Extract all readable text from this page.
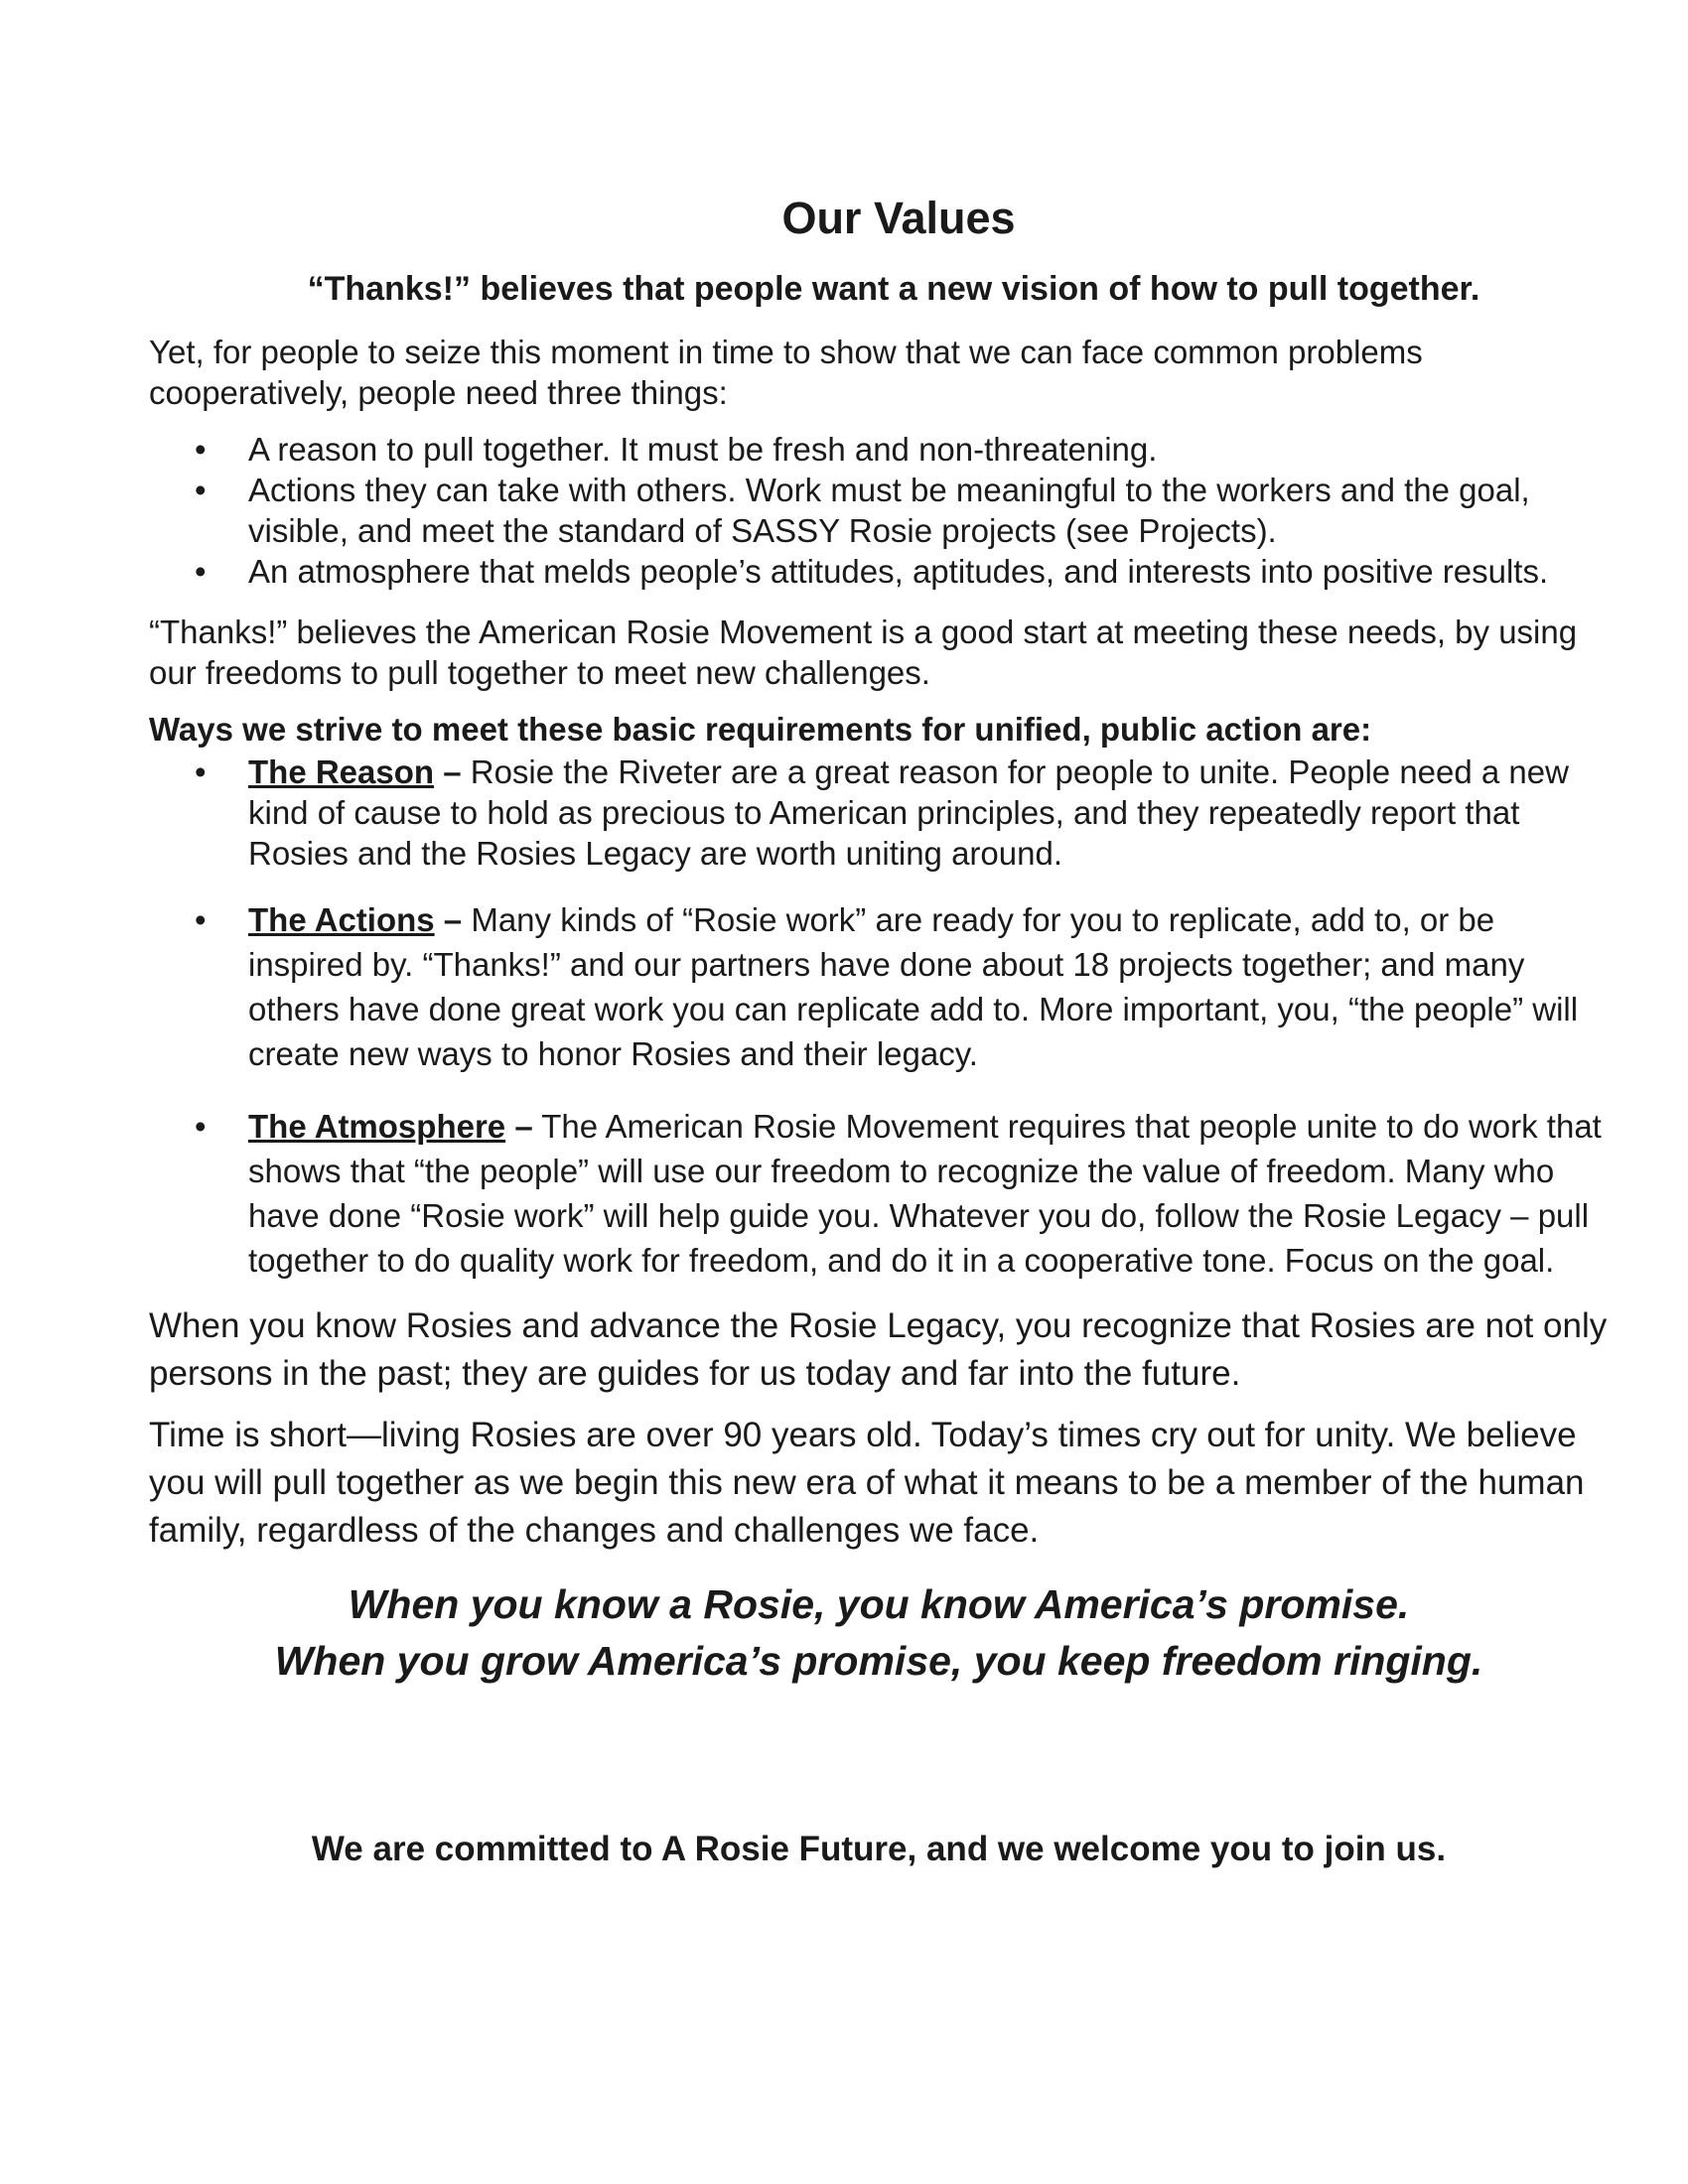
Our Values
“Thanks!” believes that people want a new vision of how to pull together.

Yet, for people to seize this moment in time to show that we can face common problems cooperatively, people need three things:

• A reason to pull together. It must be fresh and non-threatening.
• Actions they can take with others. Work must be meaningful to the workers and the goal, visible, and meet the standard of SASSY Rosie projects (see Projects).
• An atmosphere that melds people’s attitudes, aptitudes, and interests into positive results.

“Thanks!” believes the American Rosie Movement is a good start at meeting these needs, by using our freedoms to pull together to meet new challenges.

Ways we strive to meet these basic requirements for unified, public action are:
• The Reason – Rosie the Riveter are a great reason for people to unite. People need a new kind of cause to hold as precious to American principles, and they repeatedly report that Rosies and the Rosies Legacy are worth uniting around.
• The Actions – Many kinds of “Rosie work” are ready for you to replicate, add to, or be inspired by. “Thanks!” and our partners have done about 18 projects together; and many others have done great work you can replicate add to. More important, you, “the people” will create new ways to honor Rosies and their legacy.
• The Atmosphere – The American Rosie Movement requires that people unite to do work that shows that “the people” will use our freedom to recognize the value of freedom. Many who have done “Rosie work” will help guide you. Whatever you do, follow the Rosie Legacy – pull together to do quality work for freedom, and do it in a cooperative tone. Focus on the goal.

When you know Rosies and advance the Rosie Legacy, you recognize that Rosies are not only persons in the past; they are guides for us today and far into the future.

Time is short—living Rosies are over 90 years old. Today’s times cry out for unity. We believe you will pull together as we begin this new era of what it means to be a member of the human family, regardless of the changes and challenges we face.

When you know a Rosie, you know America’s promise.
When you grow America’s promise, you keep freedom ringing.
We are committed to A Rosie Future, and we welcome you to join us.
